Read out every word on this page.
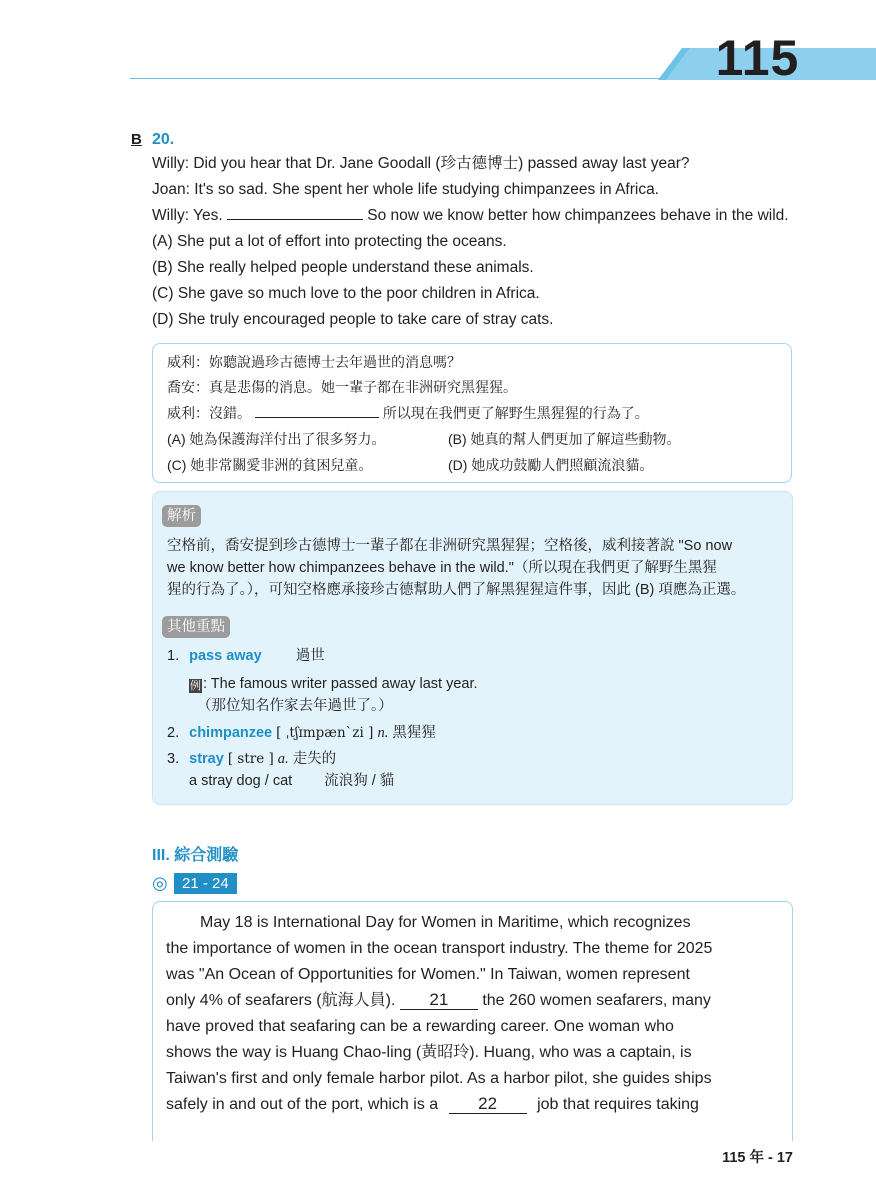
115
B 20.
Willy: Did you hear that Dr. Jane Goodall (珍古德博士) passed away last year?
Joan: It's so sad. She spent her whole life studying chimpanzees in Africa.
Willy: Yes.	So now we know better how chimpanzees behave in the wild.
(A) She put a lot of effort into protecting the oceans.
(B) She really helped people understand these animals.
(C) She gave so much love to the poor children in Africa.
(D) She truly encouraged people to take care of stray cats.
威利：妳聽說過珍古德博士去年過世的消息嗎？
喬安：真是悲傷的消息。她一輩子都在非洲研究黑猩猩。
威利：沒錯。	所以現在我們更了解野生黑猩猩的行為了。
(A) 她為保護海洋付出了很多努力。	(B) 她真的幫人們更加了解這些動物。
(C) 她非常關愛非洲的貧困兒童。	(D) 她成功鼓勵人們照顧流浪貓。
解析
空格前，喬安提到珍古德博士一輩子都在非洲研究黑猩猩；空格後，威利接著說 "So now
we know better how chimpanzees behave in the wild."（所以現在我們更了解野生黑猩
猩的行為了。），可知空格應承接珍古德幫助人們了解黑猩猩這件事，因此 (B) 項應為正選。
其他重點
1. pass away 過世
例 : The famous writer passed away last year.
（那位知名作家去年過世了。）
2. chimpanzee [ ˌtʃɪmpænˋzi ] n. 黑猩猩
3. stray [ stre ] a. 走失的
a stray dog / cat 流浪狗 / 貓
III. 綜合測驗
◎ 21 - 24
May 18 is International Day for Women in Maritime, which recognizes
the importance of women in the ocean transport industry. The theme for 2025
was "An Ocean of Opportunities for Women." In Taiwan, women represent
only 4% of seafarers (航海人員). 21 the 260 women seafarers, many
have proved that seafaring can be a rewarding career. One woman who
shows the way is Huang Chao-ling (黃昭玲). Huang, who was a captain, is
Taiwan's first and only female harbor pilot. As a harbor pilot, she guides ships
safely in and out of the port, which is a 22	job that requires taking
115 年 - 17
